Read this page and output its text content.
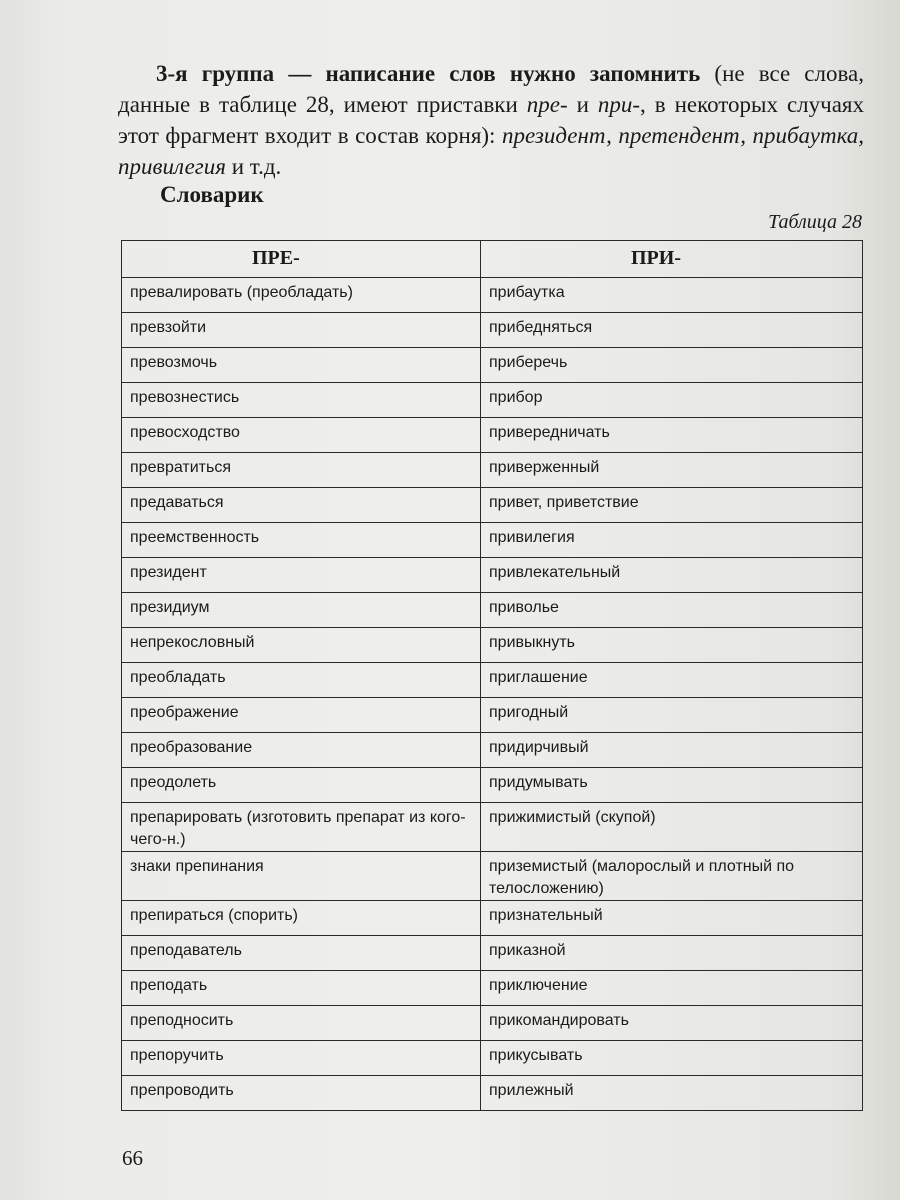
3-я группа — написание слов нужно запомнить (не все слова, данные в таблице 28, имеют приставки пре- и при-, в некоторых случаях этот фрагмент входит в состав корня): президент, претендент, прибаутка, привилегия и т.д.

Словарик
Таблица 28
ПРЕ-	ПРИ-
превалировать (преобладать)	прибаутка
превзойти	прибедняться
превозмочь	приберечь
превознестись	прибор
превосходство	привередничать
превратиться	приверженный
предаваться	привет, приветствие
преемственность	привилегия
президент	привлекательный
президиум	приволье
непрекословный	привыкнуть
преобладать	приглашение
преображение	пригодный
преобразование	придирчивый
преодолеть	придумывать
препарировать (изготовить препарат из кого-чего-н.)	прижимистый (скупой)
знаки препинания	приземистый (малорослый и плотный по телосложению)
препираться (спорить)	признательный
преподаватель	приказной
преподать	приключение
преподносить	прикомандировать
препоручить	прикусывать
препроводить	прилежный
66
